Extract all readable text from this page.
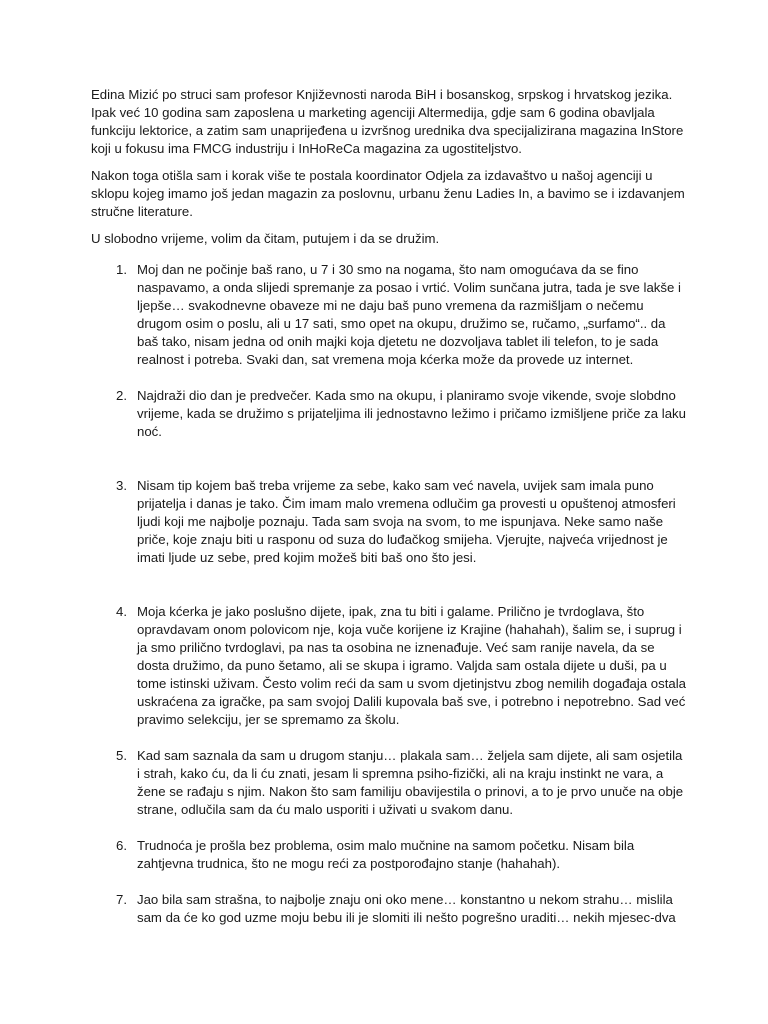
Edina Mizić po struci sam profesor Književnosti naroda BiH i bosanskog, srpskog i hrvatskog jezika. Ipak već 10 godina sam zaposlena u marketing agenciji Altermedija, gdje sam 6 godina obavljala funkciju lektorice, a zatim sam unaprijeđena u izvršnog urednika dva specijalizirana magazina InStore koji u fokusu ima FMCG industriju i InHoReCa magazina za ugostiteljstvo.

Nakon toga otišla sam i korak više te postala koordinator Odjela za izdavaštvo u našoj agenciji u sklopu kojeg imamo još jedan magazin za poslovnu, urbanu ženu Ladies In, a bavimo se i izdavanjem stručne literature.

U slobodno vrijeme, volim da čitam, putujem i da se družim.

1. Moj dan ne počinje baš rano, u 7 i 30 smo na nogama, što nam omogućava da se fino naspavamo, a onda slijedi spremanje za posao i vrtić. Volim sunčana jutra, tada je sve lakše i ljepše… svakodnevne obaveze mi ne daju baš puno vremena da razmišljam o nečemu drugom osim o poslu, ali u 17 sati, smo opet na okupu, družimo se, ručamo, „surfamo“.. da baš tako, nisam jedna od onih majki koja djetetu ne dozvoljava tablet ili telefon, to je sada realnost i potreba. Svaki dan, sat vremena moja kćerka može da provede uz internet.
2. Najdraži dio dan je predvečer. Kada smo na okupu, i planiramo svoje vikende, svoje slobdno vrijeme, kada se družimo s prijateljima ili jednostavno ležimo i pričamo izmišljene priče za laku noć.
3. Nisam tip kojem baš treba vrijeme za sebe, kako sam već navela, uvijek sam imala puno prijatelja i danas je tako. Čim imam malo vremena odlučim ga provesti u opuštenoj atmosferi ljudi koji me najbolje poznaju. Tada sam svoja na svom, to me ispunjava. Neke samo naše priče, koje znaju biti u rasponu od suza do luđačkog smijeha. Vjerujte, najveća vrijednost je imati ljude uz sebe, pred kojim možeš biti baš ono što jesi.
4. Moja kćerka je jako poslušno dijete, ipak, zna tu biti i galame. Prilično je tvrdoglava, što opravdavam onom polovicom nje, koja vuče korijene iz Krajine (hahahah), šalim se, i suprug i ja smo prilično tvrdoglavi, pa nas ta osobina ne iznenađuje. Već sam ranije navela, da se dosta družimo, da puno šetamo, ali se skupa i igramo. Valjda sam ostala dijete u duši, pa u tome istinski uživam. Često volim reći da sam u svom djetinjstvu zbog nemilih događaja ostala uskraćena za igračke, pa sam svojoj Dalili kupovala baš sve, i potrebno i nepotrebno. Sad već pravimo selekciju, jer se spremamo za školu.
5. Kad sam saznala da sam u drugom stanju… plakala sam… željela sam dijete, ali sam osjetila i strah, kako ću, da li ću znati, jesam li spremna psiho-fizički, ali na kraju instinkt ne vara, a žene se rađaju s njim. Nakon što sam familiju obavijestila o prinovi, a to je prvo unuče na obje strane, odlučila sam da ću malo usporiti i uživati u svakom danu.
6. Trudnoća je prošla bez problema, osim malo mučnine na samom početku. Nisam bila zahtjevna trudnica, što ne mogu reći za postporođajno stanje (hahahah).
7. Jao bila sam strašna, to najbolje znaju oni oko mene… konstantno u nekom strahu… mislila sam da će ko god uzme moju bebu ili je slomiti ili nešto pogrešno uraditi… nekih mjesec-dva
